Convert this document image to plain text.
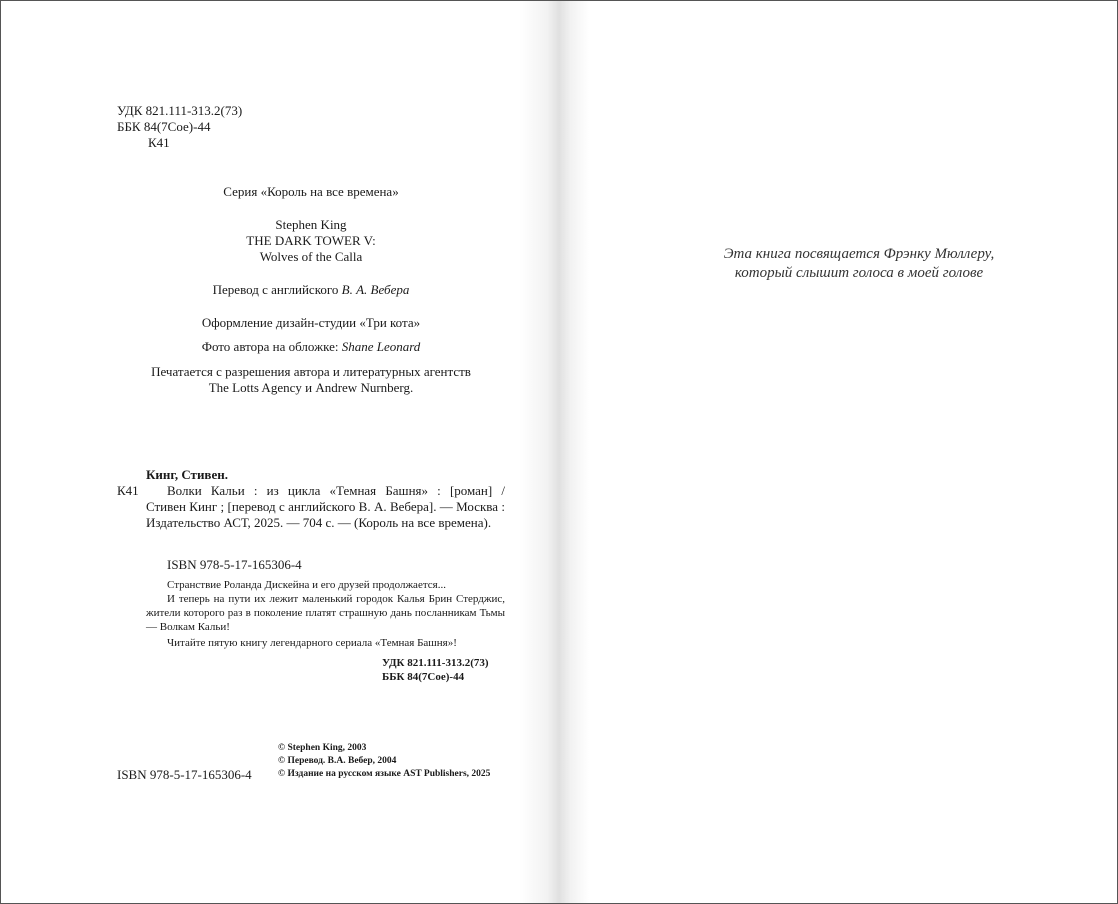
УДК 821.111-313.2(73)
ББК 84(7Сое)-44
К41
Серия «Король на все времена»
Stephen King
THE DARK TOWER V:
Wolves of the Calla
Перевод с английского В. А. Вебера
Оформление дизайн-студии «Три кота»
Фото автора на обложке: Shane Leonard
Печатается с разрешения автора и литературных агентств
The Lotts Agency и Andrew Nurnberg.
Кинг, Стивен.
К41 Волки Кальи : из цикла «Темная Башня» : [роман] /
Стивен Кинг ; [перевод с английского В. А. Вебера]. — Москва : Издательство АСТ, 2025. — 704 с. — (Король на все времена).
ISBN 978-5-17-165306-4
Странствие Роланда Дискейна и его друзей продолжается...
И теперь на пути их лежит маленький городок Калья Брин Стерджис, жители которого раз в поколение платят страшную дань посланникам Тьмы — Волкам Кальи!
Читайте пятую книгу легендарного сериала «Темная Башня»!
УДК 821.111-313.2(73)
ББК 84(7Сое)-44
ISBN 978-5-17-165306-4
© Stephen King, 2003
© Перевод. В.А. Вебер, 2004
© Издание на русском языке AST Publishers, 2025
Эта книга посвящается Фрэнку Мюллеру,
который слышит голоса в моей голове
